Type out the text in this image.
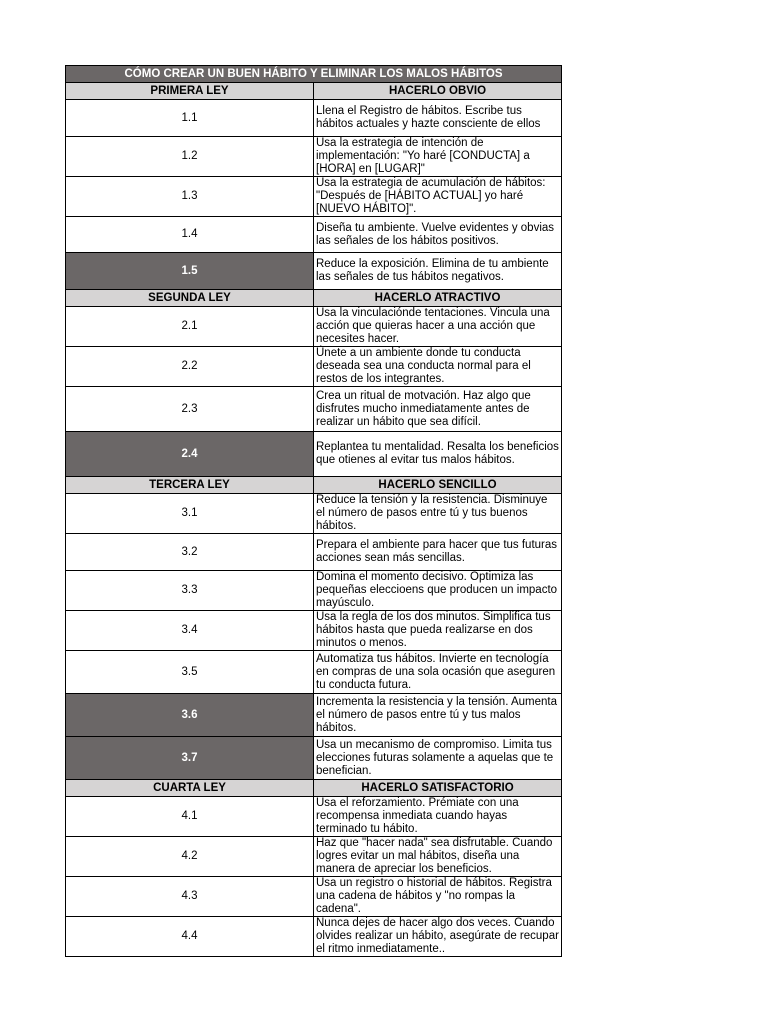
CÓMO CREAR UN BUEN HÁBITO Y ELIMINAR LOS MALOS HÁBITOS	
PRIMERA LEY	HACERLO OBVIO
1.1	Llena el Registro de hábitos. Escribe tus hábitos actuales y hazte consciente de ellos
1.2	Usa la estrategia de intención de implementación: "Yo haré [CONDUCTA] a [HORA] en [LUGAR]"
1.3	Usa la estrategia de acumulación de hábitos: "Después de [HÁBITO ACTUAL] yo haré [NUEVO HÁBITO]".
1.4	Diseña tu ambiente. Vuelve evidentes y obvias las señales de los hábitos positivos.
1.5	Reduce la exposición. Elimina de tu ambiente las señales de tus hábitos negativos.
SEGUNDA LEY	HACERLO ATRACTIVO
2.1	Usa la vinculaciónde tentaciones. Vincula una acción que quieras hacer a una acción que necesites hacer.
2.2	Únete a un ambiente donde tu conducta deseada sea una conducta normal para el restos de los integrantes.
2.3	Crea un ritual de motvación. Haz algo que disfrutes mucho inmediatamente antes de realizar un hábito que sea difícil.
2.4	Replantea tu mentalidad. Resalta los beneficios que otienes al evitar tus malos hábitos.
TERCERA LEY	HACERLO SENCILLO
3.1	Reduce la tensión y la resistencia. Disminuye el número de pasos entre tú y tus buenos hábitos.
3.2	Prepara el ambiente para hacer que tus futuras acciones sean más sencillas.
3.3	Domina el momento decisivo. Optimiza las pequeñas eleccioens que producen un impacto mayúsculo.
3.4	Usa la regla de los dos minutos. Simplifica tus hábitos hasta que pueda realizarse en dos minutos o menos.
3.5	Automatiza tus hábitos. Invierte en tecnología en compras de una sola ocasión que aseguren tu conducta futura.
3.6	Incrementa la resistencia y la tensión. Aumenta el número de pasos entre tú y tus malos hábitos.
3.7	Usa un mecanismo de compromiso. Limita tus elecciones futuras solamente a aquelas que te benefician.
CUARTA LEY	HACERLO SATISFACTORIO
4.1	Usa el reforzamiento. Prémiate con una recompensa inmediata cuando hayas terminado tu hábito.
4.2	Haz que "hacer nada" sea disfrutable. Cuando logres evitar un mal hábitos, diseña una manera de apreciar los beneficios.
4.3	Usa un registro o historial de hábitos. Registra una cadena de hábitos y "no rompas la cadena".
4.4	Nunca dejes de hacer algo dos veces. Cuando olvides realizar un hábito, asegúrate de recupar el ritmo inmediatamente..
